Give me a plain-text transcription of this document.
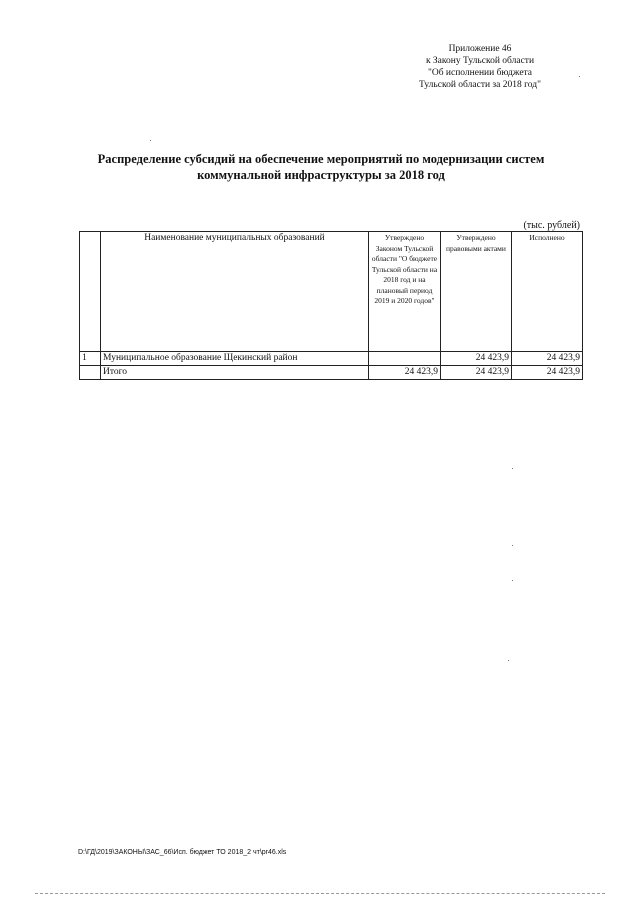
Приложение 46
к Закону Тульской области
"Об исполнении бюджета
Тульской области за 2018 год"
Распределение субсидий на обеспечение мероприятий по модернизации систем
коммунальной инфраструктуры за 2018 год
(тыс. рублей)
	Наименование муниципальных образований	Утверждено Законом Тульской области "О бюджете Тульской области на 2018 год и на плановый период 2019 и 2020 годов"	Утверждено правовыми актами	Исполнено
1	Муниципальное образование Щекинский район		24 423,9	24 423,9
	Итого	24 423,9	24 423,9	24 423,9
D:\ГД\2019\ЗАКОНЫ\ЗАС_66\Исп. бюджет ТО 2018_2 чт\pr46.xls
